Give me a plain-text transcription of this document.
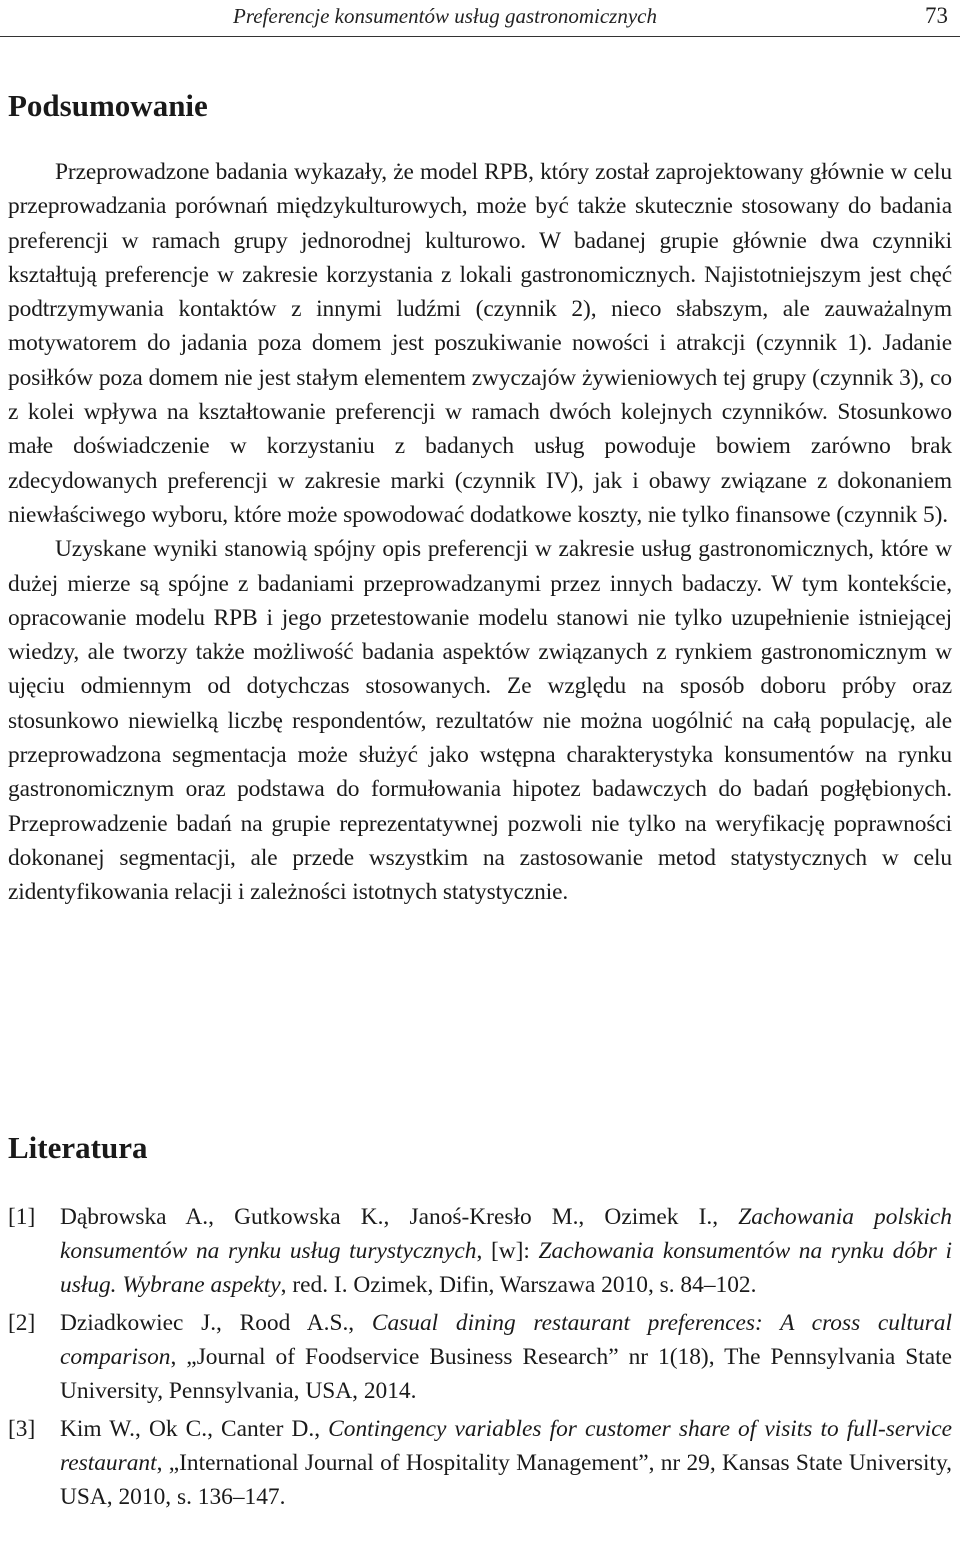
Preferencje konsumentów usług gastronomicznych	73
Podsumowanie

Przeprowadzone badania wykazały, że model RPB, który został zaprojektowany głównie w celu przeprowadzania porównań międzykulturowych, może być także skutecznie stosowany do badania preferencji w ramach grupy jednorodnej kulturowo. W badanej grupie głównie dwa czynniki kształtują preferencje w zakresie korzystania z lokali gastronomicznych. Najistotniejszym jest chęć podtrzymywania kontaktów z innymi ludźmi (czynnik 2), nieco słabszym, ale zauważalnym motywatorem do jadania poza domem jest poszukiwanie nowości i atrakcji (czynnik 1). Jadanie posiłków poza domem nie jest stałym elementem zwyczajów żywieniowych tej grupy (czynnik 3), co z kolei wpływa na kształtowanie preferencji w ramach dwóch kolejnych czynników. Stosunkowo małe doświadczenie w korzystaniu z badanych usług powoduje bowiem zarówno brak zdecydowanych preferencji w zakresie marki (czynnik IV), jak i obawy związane z dokonaniem niewłaściwego wyboru, które może spowodować dodatkowe koszty, nie tylko finansowe (czynnik 5).

Uzyskane wyniki stanowią spójny opis preferencji w zakresie usług gastronomicznych, które w dużej mierze są spójne z badaniami przeprowadzanymi przez innych badaczy. W tym kontekście, opracowanie modelu RPB i jego przetestowanie modelu stanowi nie tylko uzupełnienie istniejącej wiedzy, ale tworzy także możliwość badania aspektów związanych z rynkiem gastronomicznym w ujęciu odmiennym od dotychczas stosowanych. Ze względu na sposób doboru próby oraz stosunkowo niewielką liczbę respondentów, rezultatów nie można uogólnić na całą populację, ale przeprowadzona segmentacja może służyć jako wstępna charakterystyka konsumentów na rynku gastronomicznym oraz podstawa do formułowania hipotez badawczych do badań pogłębionych. Przeprowadzenie badań na grupie reprezentatywnej pozwoli nie tylko na weryfikację poprawności dokonanej segmentacji, ale przede wszystkim na zastosowanie metod statystycznych w celu zidentyfikowania relacji i zależności istotnych statystycznie.

Literatura
[1] Dąbrowska A., Gutkowska K., Janoś-Kresło M., Ozimek I., Zachowania polskich konsumentów na rynku usług turystycznych, [w]: Zachowania konsumentów na rynku dóbr i usług. Wybrane aspekty, red. I. Ozimek, Difin, Warszawa 2010, s. 84–102.
[2] Dziadkowiec J., Rood A.S., Casual dining restaurant preferences: A cross cultural comparison, „Journal of Foodservice Business Research” nr 1(18), The Pennsylvania State University, Pennsylvania, USA, 2014.
[3] Kim W., Ok C., Canter D., Contingency variables for customer share of visits to full-service restaurant, „International Journal of Hospitality Management”, nr 29, Kansas State University, USA, 2010, s. 136–147.
